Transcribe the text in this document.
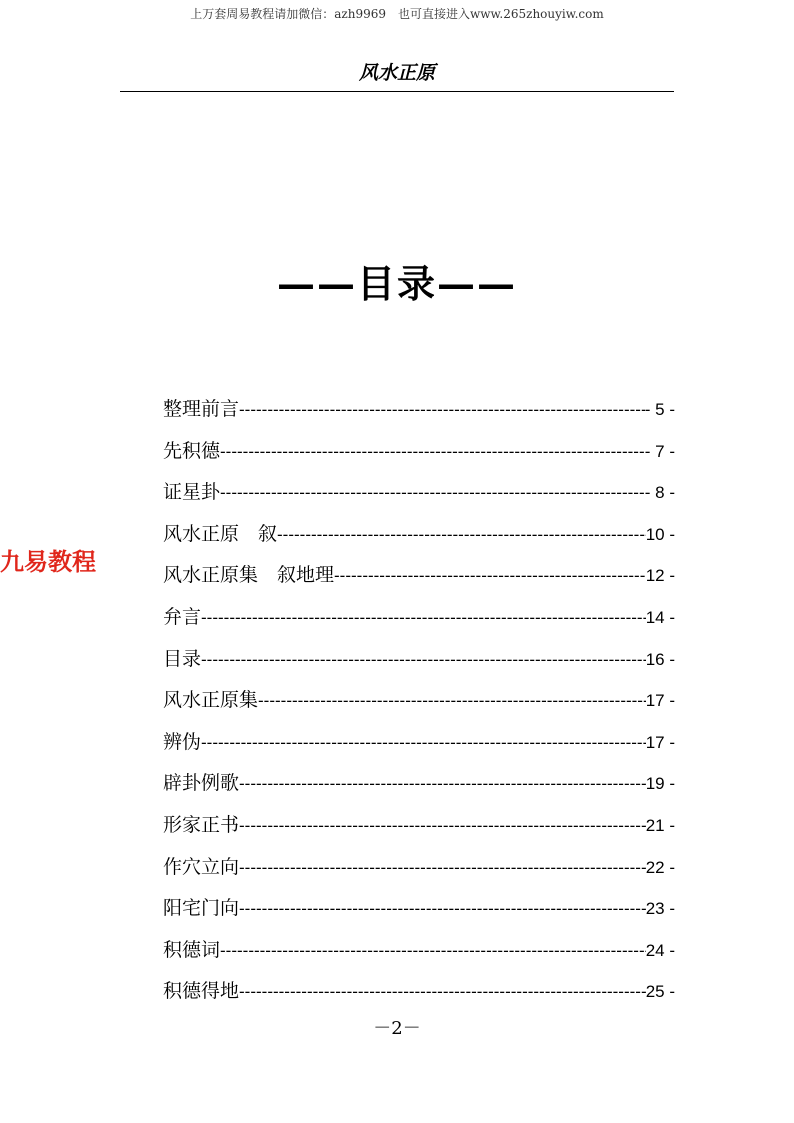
上万套周易教程请加微信：azh9969　也可直接进入www.265zhouyiw.com
风水正原
——目录——
九易教程
整理前言 -----	- 5 -
先积德 -----	- 7 -
证星卦 -----	- 8 -
风水正原　叙 -----	10 -
风水正原集　叙地理 -----	12 -
弁言 -----	14 -
目录 -----	16 -
风水正原集 -----	17 -
辨伪 -----	17 -
辟卦例歌 -----	19 -
形家正书 -----	21 -
作穴立向 -----	22 -
阳宅门向 -----	23 -
积德词 -----	24 -
积德得地 -----	25 -
－2－
